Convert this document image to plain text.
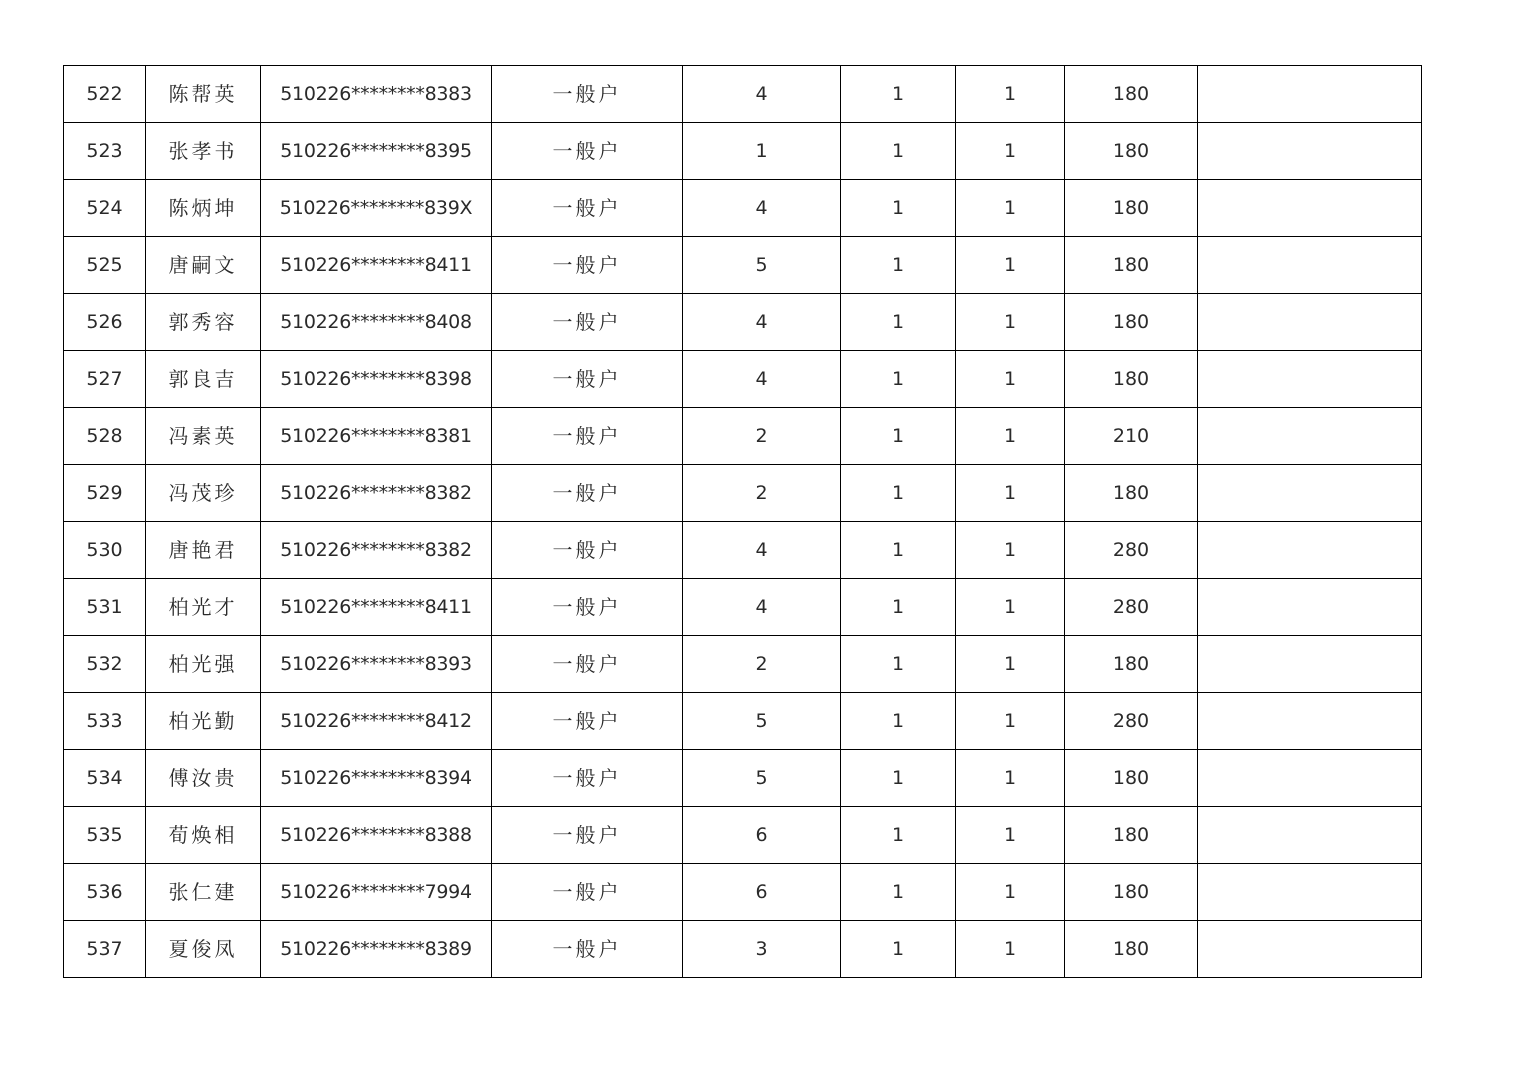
522	陈帮英	510226********8383	一般户	4	1	1	180	
523	张孝书	510226********8395	一般户	1	1	1	180	
524	陈炳坤	510226********839X	一般户	4	1	1	180	
525	唐嗣文	510226********8411	一般户	5	1	1	180	
526	郭秀容	510226********8408	一般户	4	1	1	180	
527	郭良吉	510226********8398	一般户	4	1	1	180	
528	冯素英	510226********8381	一般户	2	1	1	210	
529	冯茂珍	510226********8382	一般户	2	1	1	180	
530	唐艳君	510226********8382	一般户	4	1	1	280	
531	柏光才	510226********8411	一般户	4	1	1	280	
532	柏光强	510226********8393	一般户	2	1	1	180	
533	柏光勤	510226********8412	一般户	5	1	1	280	
534	傅汝贵	510226********8394	一般户	5	1	1	180	
535	荀焕相	510226********8388	一般户	6	1	1	180	
536	张仁建	510226********7994	一般户	6	1	1	180	
537	夏俊凤	510226********8389	一般户	3	1	1	180	
